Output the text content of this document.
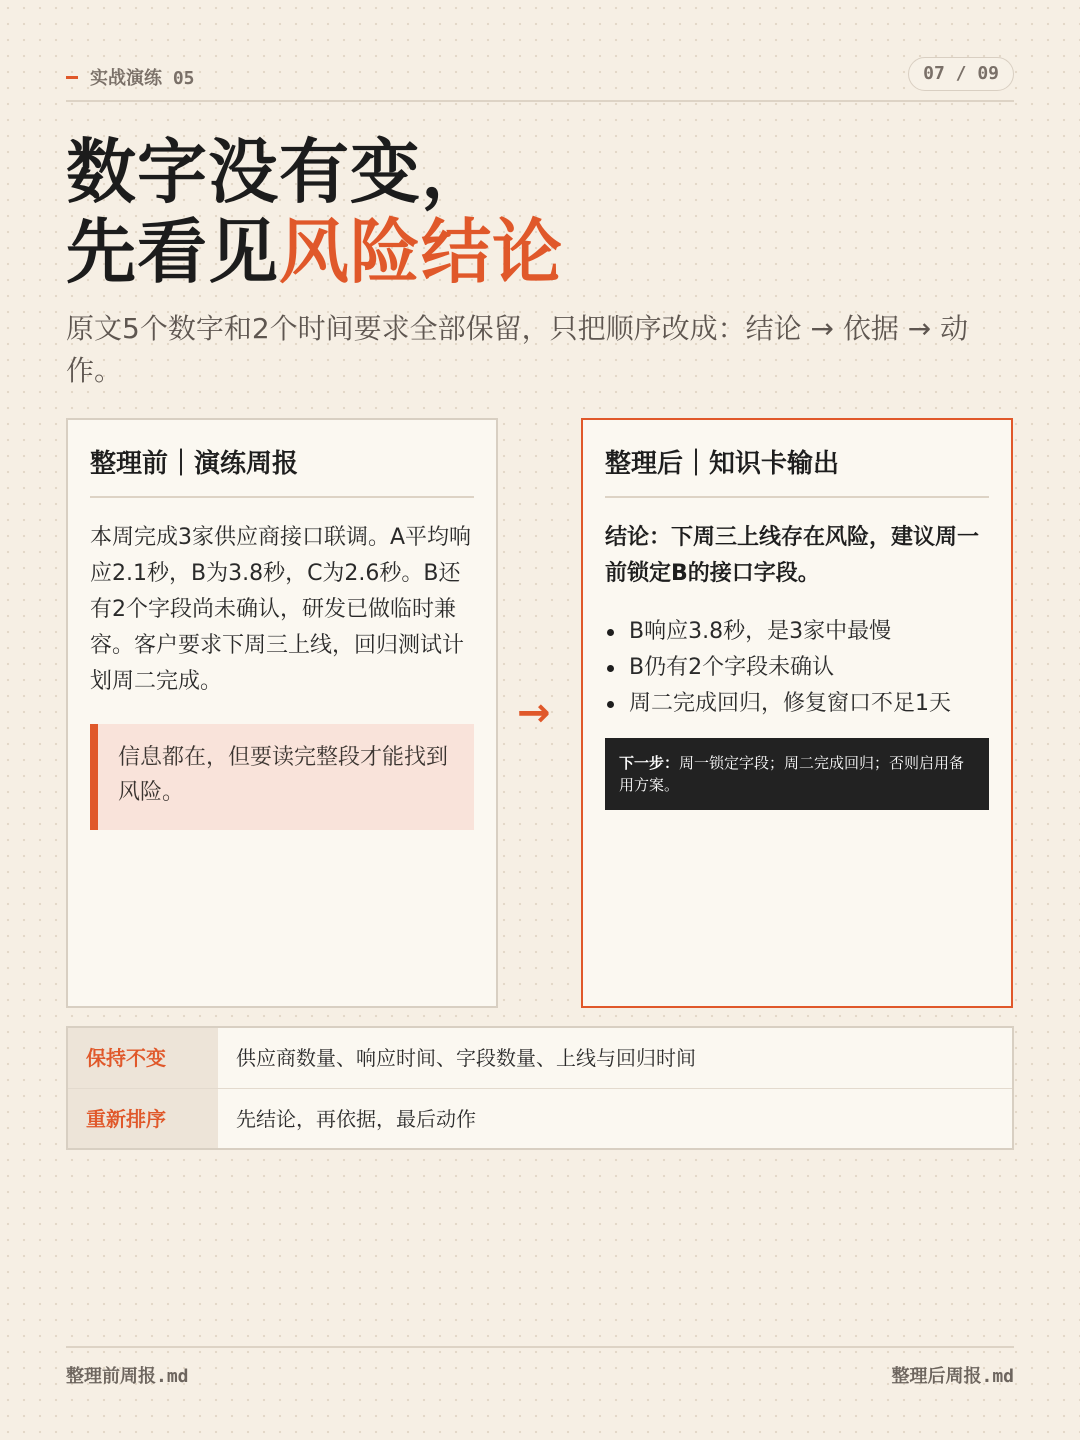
实战演练 05	07 / 09
数字没有变，
先看见风险结论
原文5个数字和2个时间要求全部保留，只把顺序改成：结论 → 依据 → 动作。
整理前｜演练周报
本周完成3家供应商接口联调。A平均响应2.1秒，B为3.8秒，C为2.6秒。B还有2个字段尚未确认，研发已做临时兼容。客户要求下周三上线，回归测试计划周二完成。
信息都在，但要读完整段才能找到风险。
→
整理后｜知识卡输出
结论：下周三上线存在风险，建议周一前锁定B的接口字段。
B响应3.8秒，是3家中最慢
B仍有2个字段未确认
周二完成回归，修复窗口不足1天
下一步：周一锁定字段；周二完成回归；否则启用备用方案。
保持不变	供应商数量、响应时间、字段数量、上线与回归时间
重新排序	先结论，再依据，最后动作
整理前周报.md	整理后周报.md
